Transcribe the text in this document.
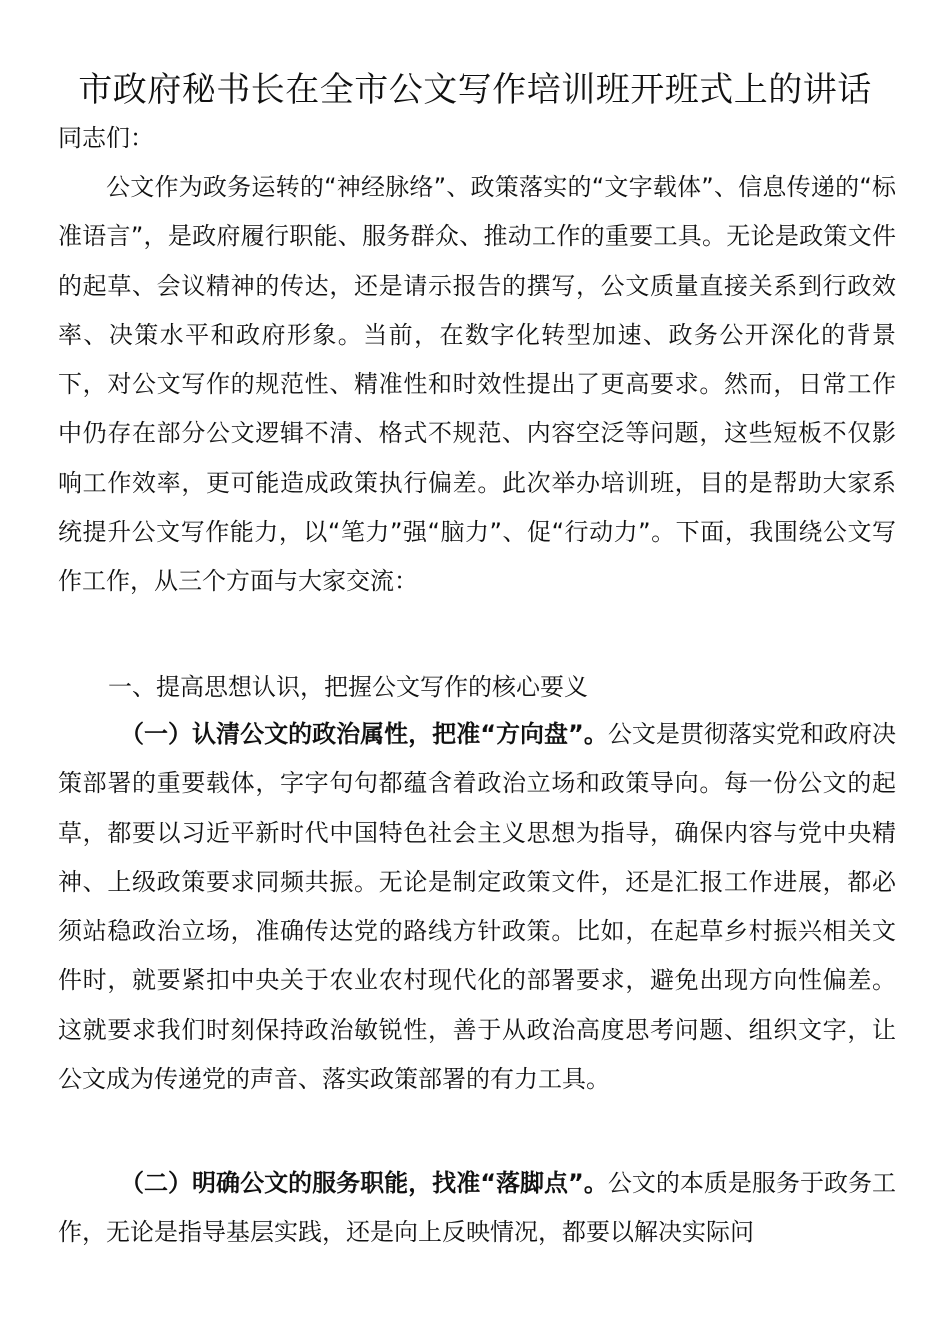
市政府秘书长在全市公文写作培训班开班式上的讲话
同志们：

公文作为政务运转的“神经脉络”、政策落实的“文字载体”、信息传递的“标准语言”，是政府履行职能、服务群众、推动工作的重要工具。无论是政策文件的起草、会议精神的传达，还是请示报告的撰写，公文质量直接关系到行政效率、决策水平和政府形象。当前，在数字化转型加速、政务公开深化的背景下，对公文写作的规范性、精准性和时效性提出了更高要求。然而，日常工作中仍存在部分公文逻辑不清、格式不规范、内容空泛等问题，这些短板不仅影响工作效率，更可能造成政策执行偏差。此次举办培训班，目的是帮助大家系统提升公文写作能力，以“笔力”强“脑力”、促“行动力”。下面，我围绕公文写作工作，从三个方面与大家交流：

一、提高思想认识，把握公文写作的核心要义

（一）认清公文的政治属性，把准“方向盘”。公文是贯彻落实党和政府决策部署的重要载体，字字句句都蕴含着政治立场和政策导向。每一份公文的起草，都要以习近平新时代中国特色社会主义思想为指导，确保内容与党中央精神、上级政策要求同频共振。无论是制定政策文件，还是汇报工作进展，都必须站稳政治立场，准确传达党的路线方针政策。比如，在起草乡村振兴相关文件时，就要紧扣中央关于农业农村现代化的部署要求，避免出现方向性偏差。这就要求我们时刻保持政治敏锐性，善于从政治高度思考问题、组织文字，让公文成为传递党的声音、落实政策部署的有力工具。

（二）明确公文的服务职能，找准“落脚点”。公文的本质是服务于政务工作，无论是指导基层实践，还是向上反映情况，都要以解决实际问
